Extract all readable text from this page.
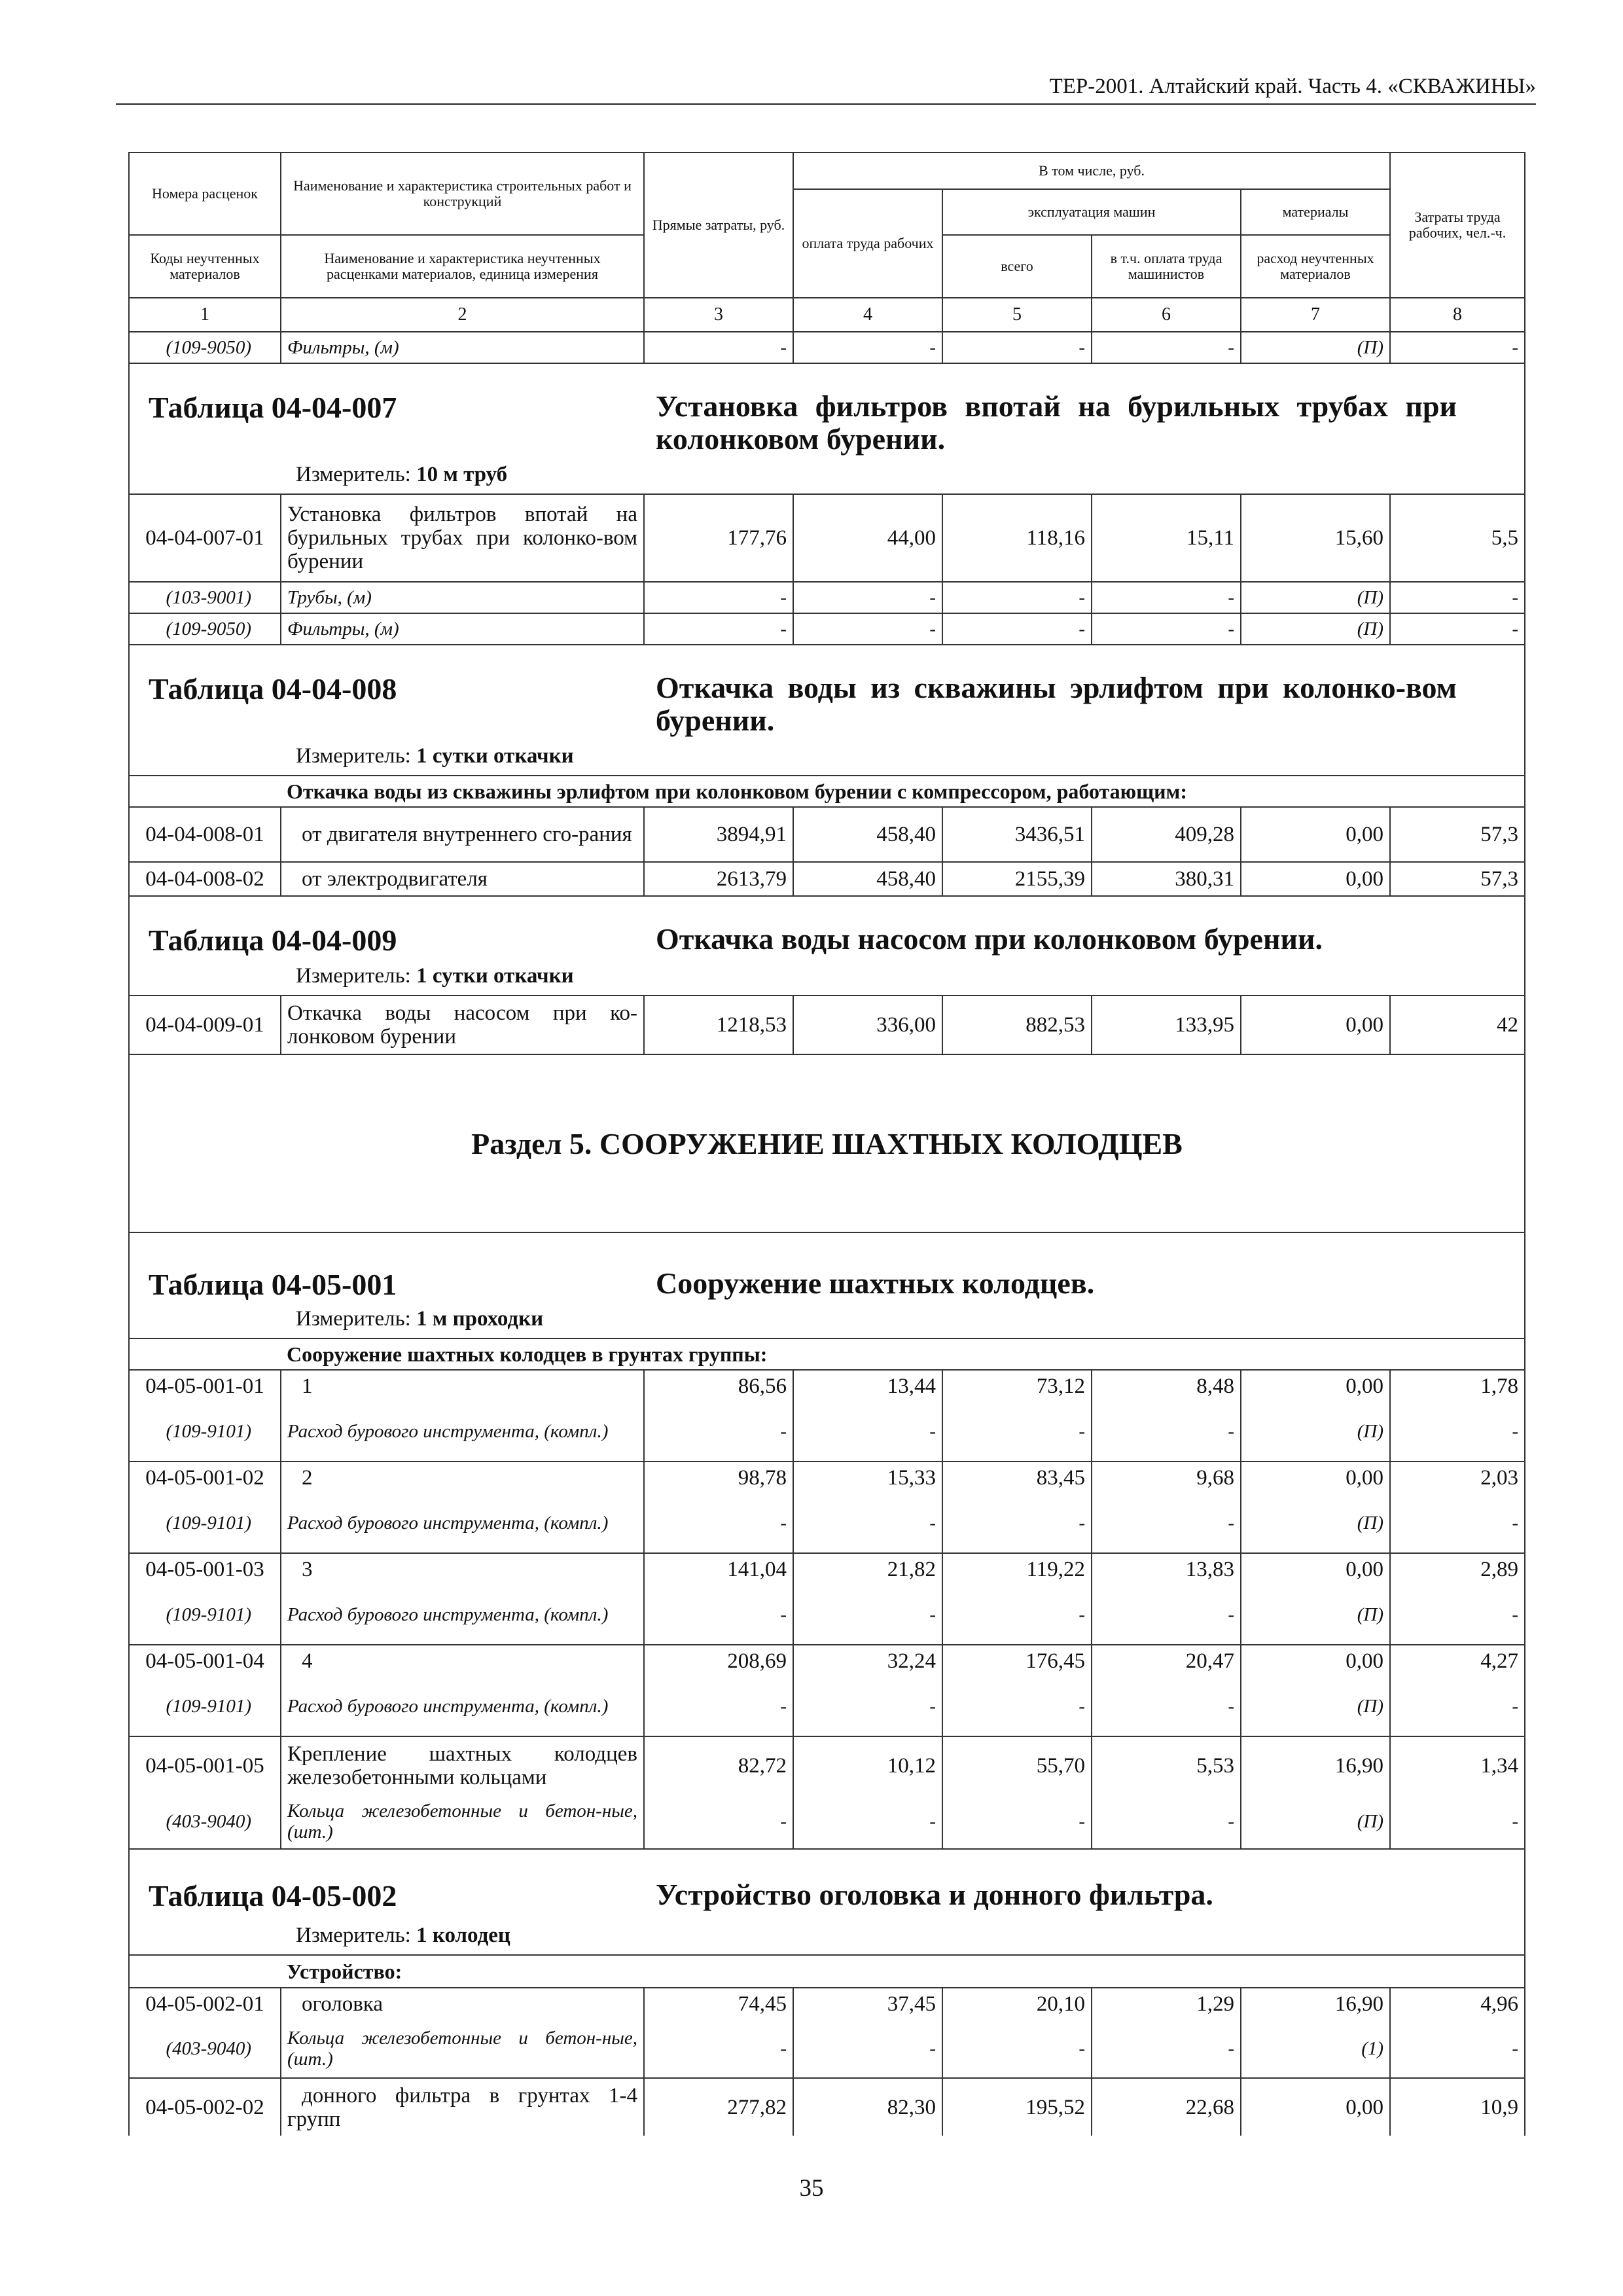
ТЕР-2001. Алтайский край. Часть 4. «СКВАЖИНЫ»
Номера расценок	Наименование и характеристика строительных работ и конструкций	Прямые затраты, руб.	В том числе, руб.				Затраты труда рабочих, чел.-ч.
			оплата труда рабочих	эксплуатация машин		материалы	
Коды неучтенных материалов	Наименование и характеристика неучтенных расценками материалов, единица измерения			всего	в т.ч. оплата труда машинистов	расход неучтенных материалов	
1	2	3	4	5	6	7	8
(109-9050)	Фильтры, (м)	-	-	-	-	(П)	-

Таблица 04-04-007 Установка фильтров впотай на бурильных трубах при колонковом бурении.
Измеритель: 10 м труб							

04-04-007-01	Установка фильтров впотай на бурильных трубах при колонко-вом бурении	177,76	44,00	118,16	15,11	15,60	5,5
(103-9001)	Трубы, (м)	-	-	-	-	(П)	-
(109-9050)	Фильтры, (м)	-	-	-	-	(П)	-

Таблица 04-04-008 Откачка воды из скважины эрлифтом при колонко-вом бурении.
Измеритель: 1 сутки откачки							

	Откачка воды из скважины эрлифтом при колонковом бурении с компрессором, работающим:						
04-04-008-01	от двигателя внутреннего сго-рания	3894,91	458,40	3436,51	409,28	0,00	57,3
04-04-008-02	от электродвигателя	2613,79	458,40	2155,39	380,31	0,00	57,3

Таблица 04-04-009 Откачка воды насосом при колонковом бурении.
Измеритель: 1 сутки откачки							

04-04-009-01	Откачка воды насосом при ко-лонковом бурении	1218,53	336,00	882,53	133,95	0,00	42
Раздел 5. СООРУЖЕНИЕ ШАХТНЫХ КОЛОДЦЕВ							

Таблица 04-05-001 Сооружение шахтных колодцев.
Измеритель: 1 м проходки							

	Сооружение шахтных колодцев в грунтах группы:						
04-05-001-01	1	86,56	13,44	73,12	8,48	0,00	1,78
(109-9101)	Расход бурового инструмента, (компл.)	-	-	-	-	(П)	-
04-05-001-02	2	98,78	15,33	83,45	9,68	0,00	2,03
(109-9101)	Расход бурового инструмента, (компл.)	-	-	-	-	(П)	-
04-05-001-03	3	141,04	21,82	119,22	13,83	0,00	2,89
(109-9101)	Расход бурового инструмента, (компл.)	-	-	-	-	(П)	-
04-05-001-04	4	208,69	32,24	176,45	20,47	0,00	4,27
(109-9101)	Расход бурового инструмента, (компл.)	-	-	-	-	(П)	-
04-05-001-05	Крепление шахтных колодцев железобетонными кольцами	82,72	10,12	55,70	5,53	16,90	1,34
(403-9040)	Кольца железобетонные и бетон-ные, (шт.)	-	-	-	-	(П)	-

Таблица 04-05-002 Устройство оголовка и донного фильтра.
Измеритель: 1 колодец							

	Устройство:						
04-05-002-01	оголовка	74,45	37,45	20,10	1,29	16,90	4,96
(403-9040)	Кольца железобетонные и бетон-ные, (шт.)	-	-	-	-	(1)	-
04-05-002-02	донного фильтра в грунтах 1-4 групп	277,82	82,30	195,52	22,68	0,00	10,9
35
